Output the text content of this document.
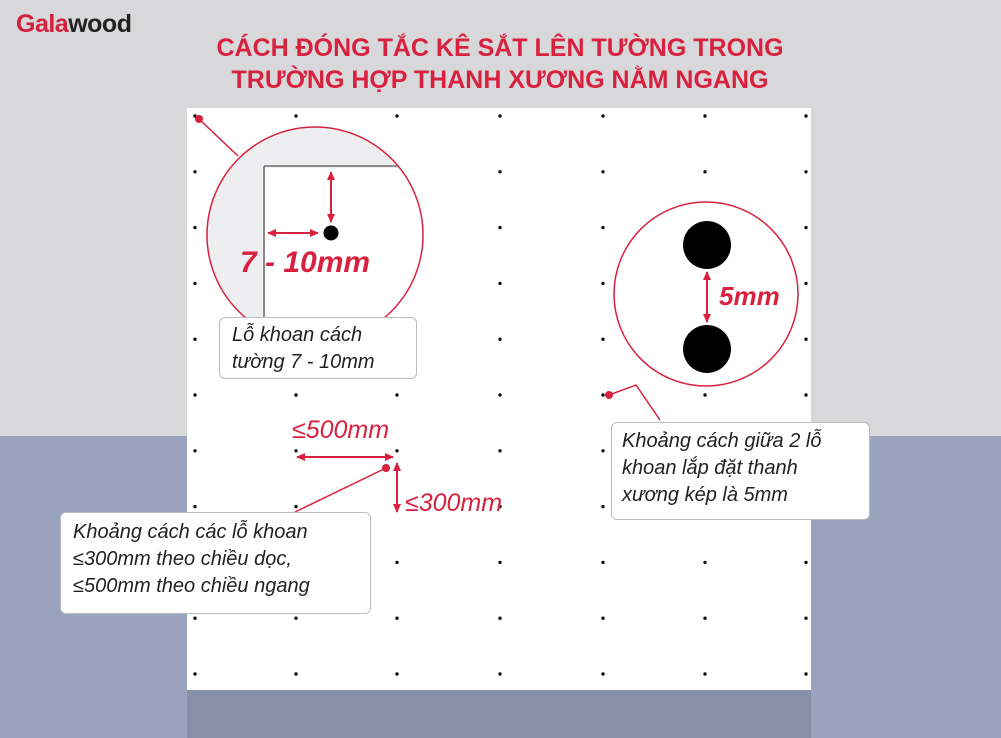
Galawood
CÁCH ĐÓNG TẮC KÊ SẮT LÊN TƯỜNG TRONG
TRƯỜNG HỢP THANH XƯƠNG NẰM NGANG
7 - 10mm
5mm
≤500mm
≤300mm
Lỗ khoan cách
tường 7 - 10mm
Khoảng cách giữa 2 lỗ
khoan lắp đặt thanh
xương kép là 5mm
Khoảng cách các lỗ khoan
≤300mm theo chiều dọc,
≤500mm theo chiều ngang
